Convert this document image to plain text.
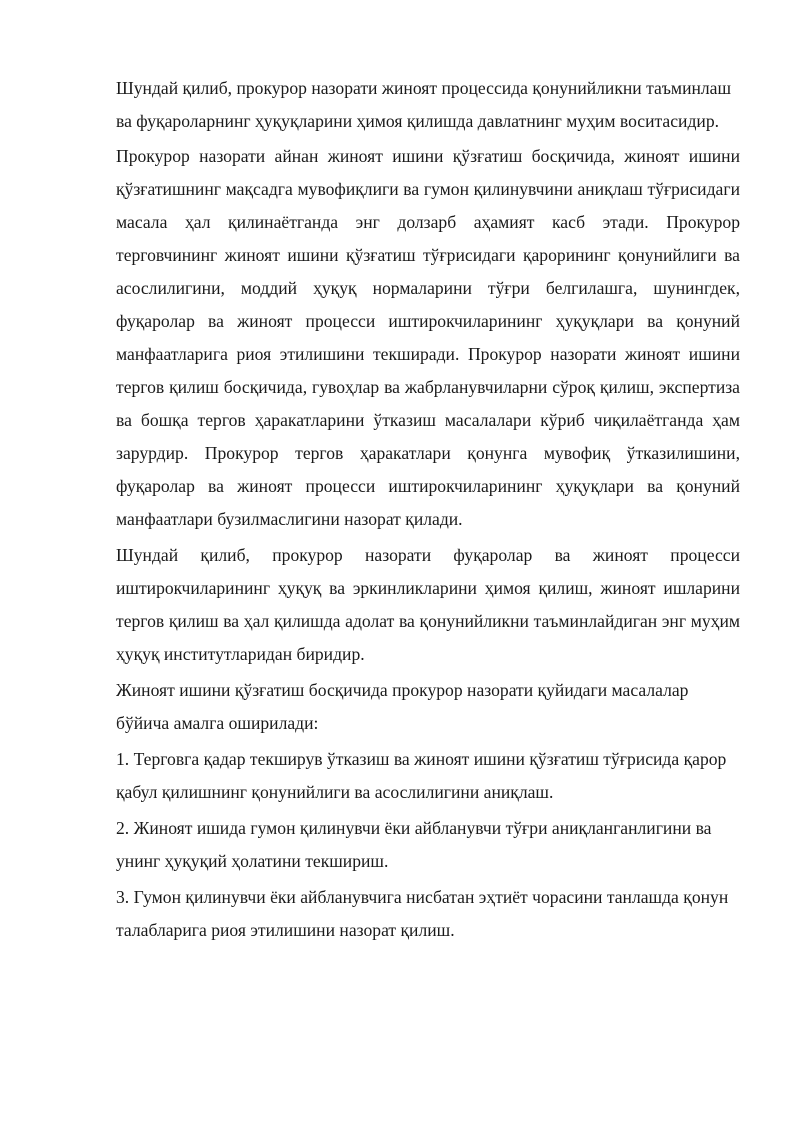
Шундай қилиб, прокурор назорати жиноят процессида қонунийликни таъминлаш ва фуқароларнинг ҳуқуқларини ҳимоя қилишда давлатнинг муҳим воситасидир.

Прокурор назорати айнан жиноят ишини қўзғатиш босқичида, жиноят ишини қўзғатишнинг мақсадга мувофиқлиги ва гумон қилинувчини аниқлаш тўғрисидаги масала ҳал қилинаётганда энг долзарб аҳамият касб этади. Прокурор терговчининг жиноят ишини қўзғатиш тўғрисидаги қарорининг қонунийлиги ва асослилигини, моддий ҳуқуқ нормаларини тўғри белгилашга, шунингдек, фуқаролар ва жиноят процесси иштирокчиларининг ҳуқуқлари ва қонуний манфаатларига риоя этилишини текширади. Прокурор назорати жиноят ишини тергов қилиш босқичида, гувоҳлар ва жабрланувчиларни сўроқ қилиш, экспертиза ва бошқа тергов ҳаракатларини ўтказиш масалалари кўриб чиқилаётганда ҳам зарурдир. Прокурор тергов ҳаракатлари қонунга мувофиқ ўтказилишини, фуқаролар ва жиноят процесси иштирокчиларининг ҳуқуқлари ва қонуний манфаатлари бузилмаслигини назорат қилади.

Шундай қилиб, прокурор назорати фуқаролар ва жиноят процесси иштирокчиларининг ҳуқуқ ва эркинликларини ҳимоя қилиш, жиноят ишларини тергов қилиш ва ҳал қилишда адолат ва қонунийликни таъминлайдиган энг муҳим ҳуқуқ институтларидан биридир.

Жиноят ишини қўзғатиш босқичида прокурор назорати қуйидаги масалалар бўйича амалга оширилади:

1. Терговга қадар текширув ўтказиш ва жиноят ишини қўзғатиш тўғрисида қарор қабул қилишнинг қонунийлиги ва асослилигини аниқлаш.

2. Жиноят ишида гумон қилинувчи ёки айбланувчи тўғри аниқланганлигини ва унинг ҳуқуқий ҳолатини текшириш.

3. Гумон қилинувчи ёки айбланувчига нисбатан эҳтиёт чорасини танлашда қонун талабларига риоя этилишини назорат қилиш.
